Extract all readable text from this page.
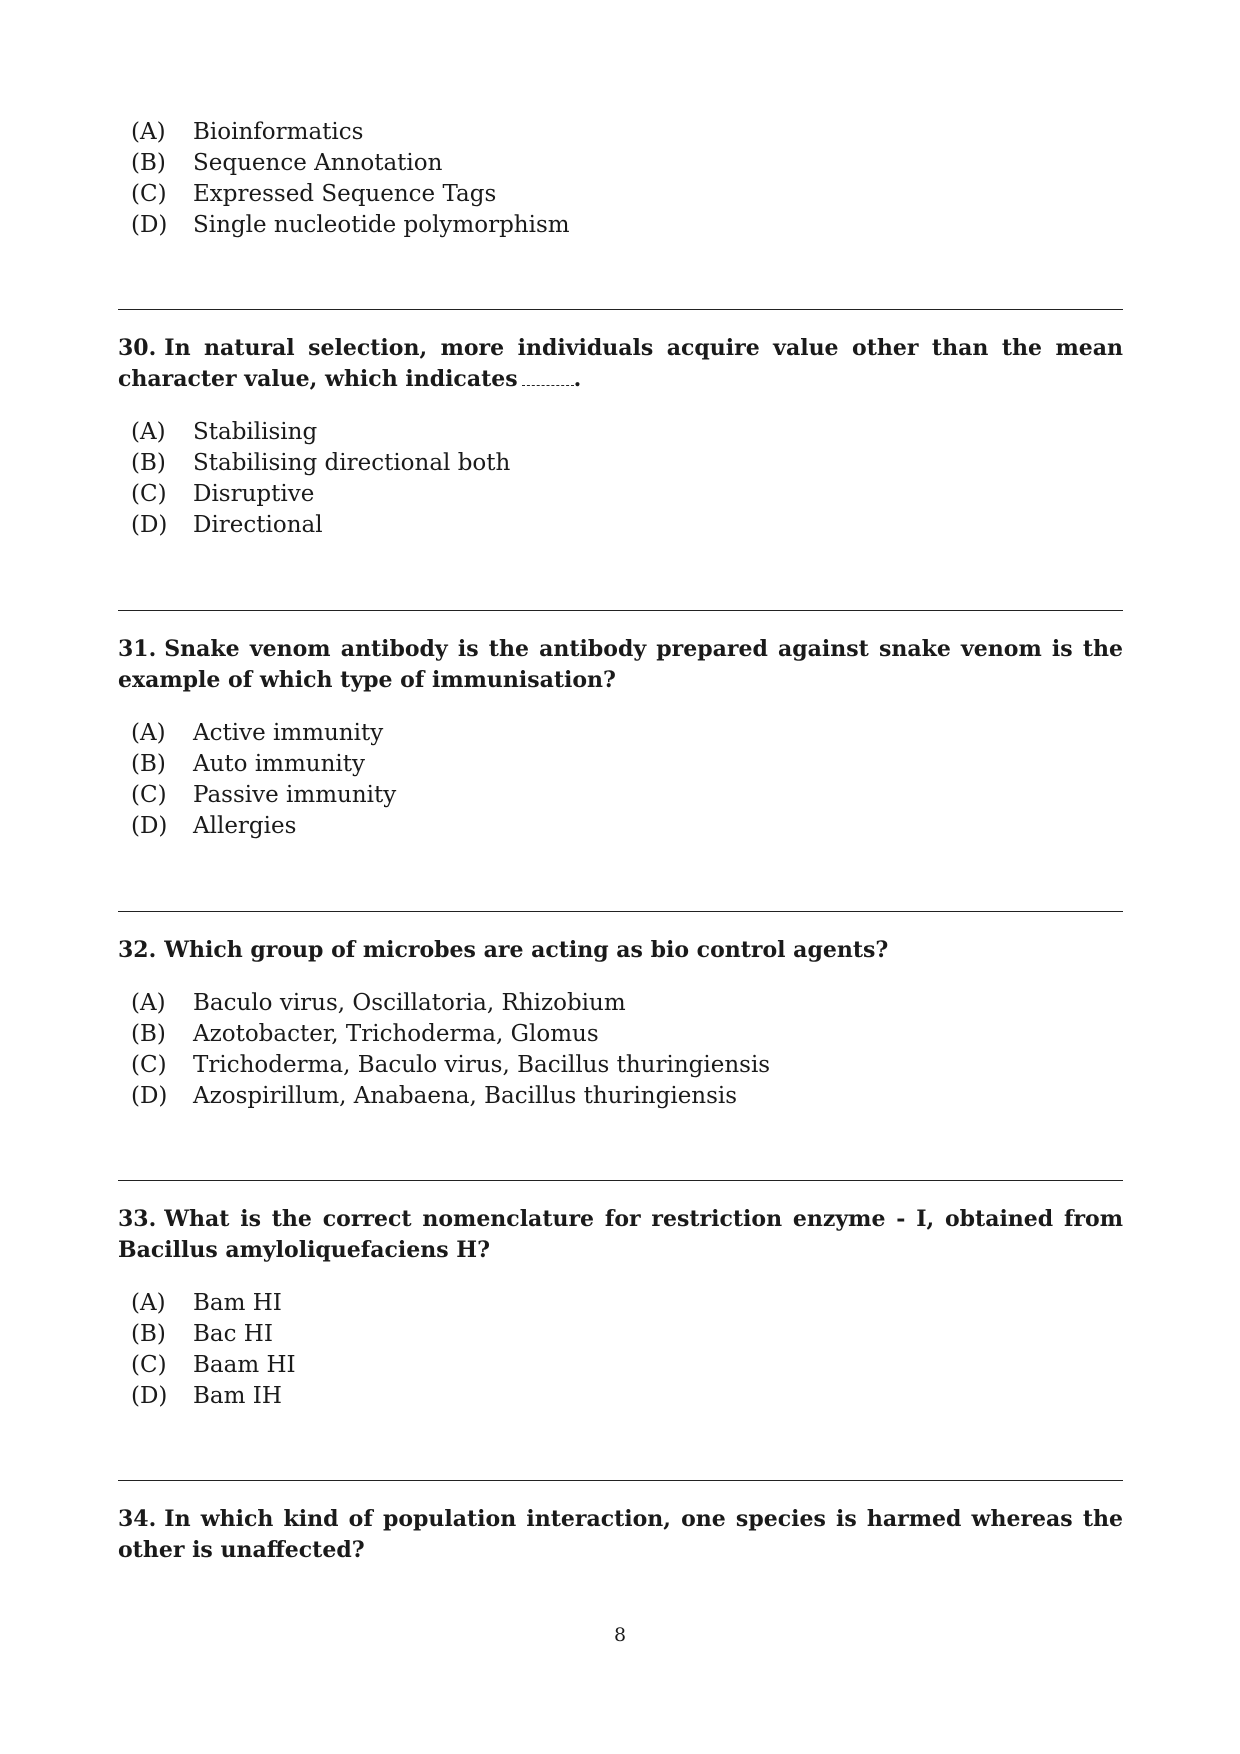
(A)	Bioinformatics
(B)	Sequence Annotation
(C)	Expressed Sequence Tags
(D)	Single nucleotide polymorphism

30. In natural selection, more individuals acquire value other than the mean character value, which indicates	.

(A)	Stabilising
(B)	Stabilising directional both
(C)	Disruptive
(D)	Directional

31. Snake venom antibody is the antibody prepared against snake venom is the example of which type of immunisation?

(A)	Active immunity
(B)	Auto immunity
(C)	Passive immunity
(D)	Allergies

32. Which group of microbes are acting as bio control agents?

(A)	Baculo virus, Oscillatoria, Rhizobium
(B)	Azotobacter, Trichoderma, Glomus
(C)	Trichoderma, Baculo virus, Bacillus thuringiensis
(D)	Azospirillum, Anabaena, Bacillus thuringiensis

33. What is the correct nomenclature for restriction enzyme - I, obtained from Bacillus amyloliquefaciens H?

(A)	Bam HI
(B)	Bac HI
(C)	Baam HI
(D)	Bam IH

34. In which kind of population interaction, one species is harmed whereas the other is unaffected?

8
